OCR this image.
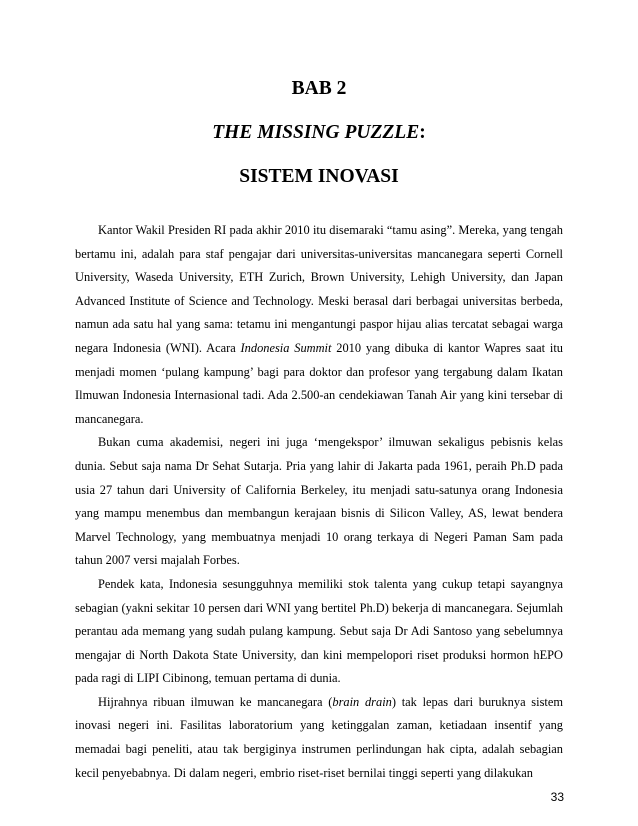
BAB 2
THE MISSING PUZZLE:
SISTEM INOVASI

Kantor Wakil Presiden RI pada akhir 2010 itu disemaraki “tamu asing”. Mereka, yang tengah bertamu ini, adalah para staf pengajar dari universitas-universitas mancanegara seperti Cornell University, Waseda University, ETH Zurich, Brown University, Lehigh University, dan Japan Advanced Institute of Science and Technology. Meski berasal dari berbagai universitas berbeda, namun ada satu hal yang sama: tetamu ini mengantungi paspor hijau alias tercatat sebagai warga negara Indonesia (WNI). Acara Indonesia Summit 2010 yang dibuka di kantor Wapres saat itu menjadi momen ‘pulang kampung’ bagi para doktor dan profesor yang tergabung dalam Ikatan Ilmuwan Indonesia Internasional tadi. Ada 2.500-an cendekiawan Tanah Air yang kini tersebar di mancanegara.

Bukan cuma akademisi, negeri ini juga ‘mengekspor’ ilmuwan sekaligus pebisnis kelas dunia. Sebut saja nama Dr Sehat Sutarja. Pria yang lahir di Jakarta pada 1961, peraih Ph.D pada usia 27 tahun dari University of California Berkeley, itu menjadi satu-satunya orang Indonesia yang mampu menembus dan membangun kerajaan bisnis di Silicon Valley, AS, lewat bendera Marvel Technology, yang membuatnya menjadi 10 orang terkaya di Negeri Paman Sam pada tahun 2007 versi majalah Forbes.

Pendek kata, Indonesia sesungguhnya memiliki stok talenta yang cukup tetapi sayangnya sebagian (yakni sekitar 10 persen dari WNI yang bertitel Ph.D) bekerja di mancanegara. Sejumlah perantau ada memang yang sudah pulang kampung. Sebut saja Dr Adi Santoso yang sebelumnya mengajar di North Dakota State University, dan kini mempelopori riset produksi hormon hEPO pada ragi di LIPI Cibinong, temuan pertama di dunia.

Hijrahnya ribuan ilmuwan ke mancanegara (brain drain) tak lepas dari buruknya sistem inovasi negeri ini. Fasilitas laboratorium yang ketinggalan zaman, ketiadaan insentif yang memadai bagi peneliti, atau tak bergiginya instrumen perlindungan hak cipta, adalah sebagian kecil penyebabnya. Di dalam negeri, embrio riset-riset bernilai tinggi seperti yang dilakukan

33
